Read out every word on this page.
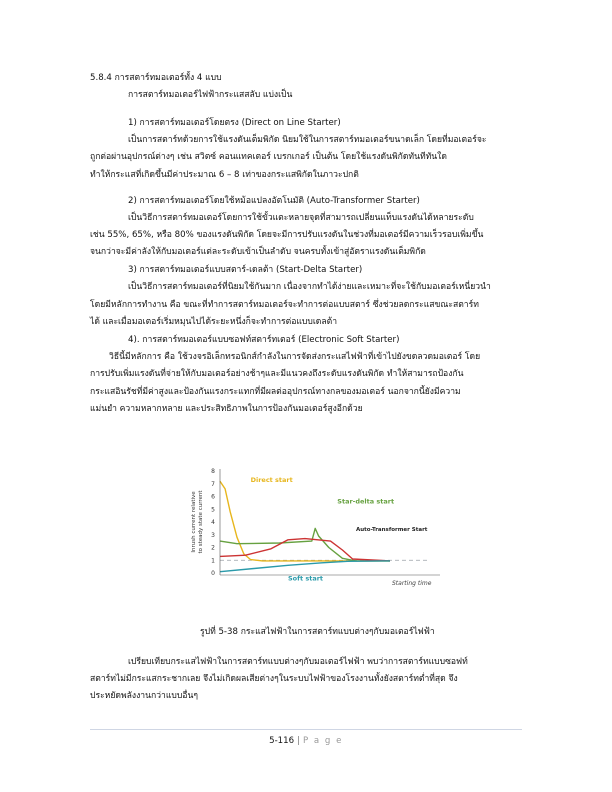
5.8.4 การสตาร์ทมอเตอร์ทั้ง 4 แบบ
การสตาร์ทมอเตอร์ไฟฟ้ากระแสสลับ แบ่งเป็น
1) การสตาร์ทมอเตอร์โดยตรง (Direct on Line Starter)
เป็นการสตาร์ทด้วยการใช้แรงดันเต็มพิกัด นิยมใช้ในการสตาร์ทมอเตอร์ขนาดเล็ก โดยที่มอเตอร์จะ
ถูกต่อผ่านอุปกรณ์ต่างๆ เช่น สวิตซ์ คอนแทคเตอร์ เบรกเกอร์ เป็นต้น โดยใช้แรงดันพิกัดทันทีทันใด
ทำให้กระแสที่เกิดขึ้นมีค่าประมาณ 6 – 8 เท่าของกระแสพิกัดในภาวะปกติ
2) การสตาร์ทมอเตอร์โดยใช้หม้อแปลงอัตโนมัติ (Auto-Transformer Starter)
เป็นวิธีการสตาร์ทมอเตอร์โดยการใช้ขั้วแตะหลายจุดที่สามารถเปลี่ยนแท็บแรงดันได้หลายระดับ
เช่น 55%, 65%, หรือ 80% ของแรงดันพิกัด โดยจะมีการปรับแรงดันในช่วงที่มอเตอร์มีความเร็วรอบเพิ่มขึ้น
จนกว่าจะมีค่าลังให้กับมอเตอร์แต่ละระดับเข้าเป็นลำดับ จนครบทั้งเข้าสู่อัตราแรงดันเต็มพิกัด
3) การสตาร์ทมอเตอร์แบบสตาร์-เดลต้า (Start-Delta Starter)
เป็นวิธีการสตาร์ทมอเตอร์ที่นิยมใช้กันมาก เนื่องจากทำได้ง่ายและเหมาะที่จะใช้กับมอเตอร์เหนี่ยวนำ
โดยมีหลักการทำงาน คือ ขณะที่ทำการสตาร์ทมอเตอร์จะทำการต่อแบบสตาร์ ซึ่งช่วยลดกระแสขณะสตาร์ท
ได้ และเมื่อมอเตอร์เริ่มหมุนไปได้ระยะหนึ่งก็จะทำการต่อแบบเดลต้า
4). การสตาร์ทมอเตอร์แบบซอฟท์สตาร์ทเตอร์ (Electronic Soft Starter)
วิธีนี้มีหลักการ คือ ใช้วงจรอิเล็กทรอนิกส์กำลังในการจัดส่งกระแสไฟฟ้าที่เข้าไปยังขดลวดมอเตอร์ โดย
การปรับเพิ่มแรงดันที่จ่ายให้กับมอเตอร์อย่างช้าๆและมีแนวคงถึงระดับแรงดันพิกัด ทำให้สามารถป้องกัน
กระแสอินรัชที่มีค่าสูงและป้องกันแรงกระแทกที่มีผลต่ออุปกรณ์ทางกลของมอเตอร์ นอกจากนี้ยังมีความ
แม่นยำ ความหลากหลาย และประสิทธิภาพในการป้องกันมอเตอร์สูงอีกด้วย
8
7
6
5
4
3
2
1
0
Inrush current relative to steady state current
Starting time
Direct start
Star-delta start
Auto-Transformer Start
Soft start
รูปที่ 5-38 กระแสไฟฟ้าในการสตาร์ทแบบต่างๆกับมอเตอร์ไฟฟ้า
เปรียบเทียบกระแสไฟฟ้าในการสตาร์ทแบบต่างๆกับมอเตอร์ไฟฟ้า พบว่าการสตาร์ทแบบซอฟท์
สตาร์ทไม่มีกระแสกระชากเลย จึงไม่เกิดผลเสียต่างๆในระบบไฟฟ้าของโรงงานทั้งยังสตาร์ทต่ำที่สุด จึง
ประหยัดพลังงานกว่าแบบอื่นๆ
5-116 | P a g e
